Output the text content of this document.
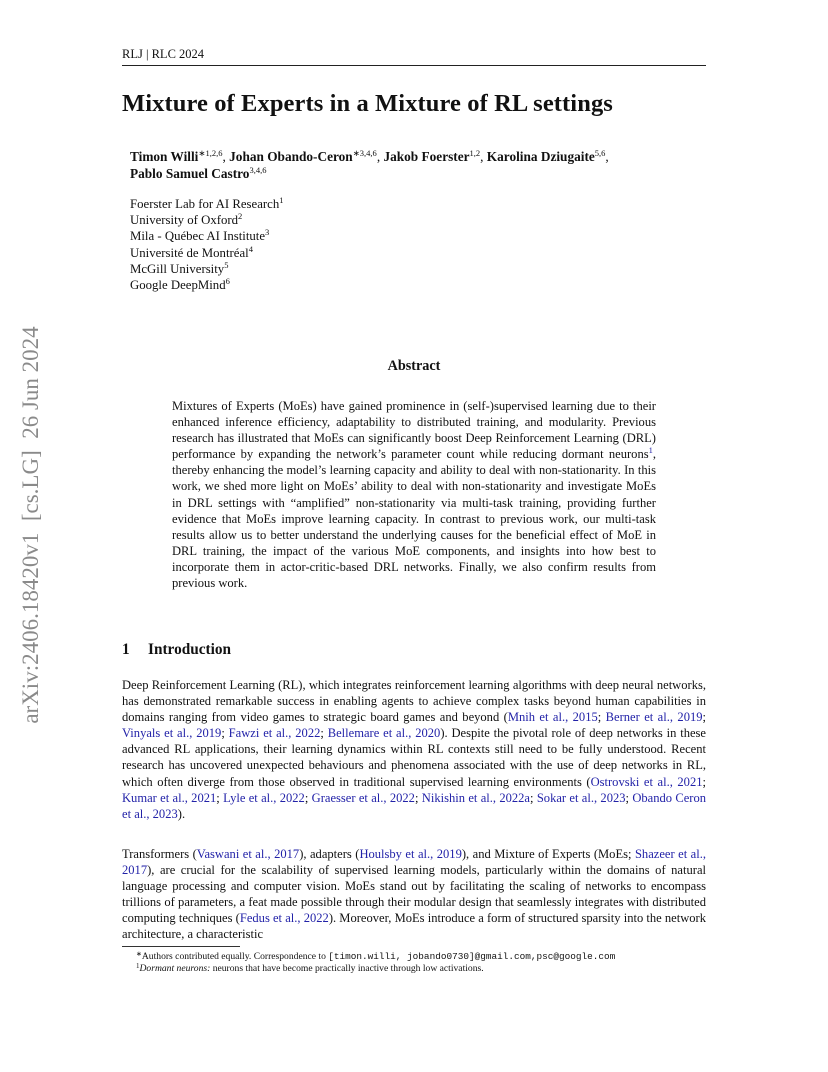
RLJ | RLC 2024
Mixture of Experts in a Mixture of RL settings
Timon Willi$^{∗1,2,6}$, Johan Obando-Ceron$^{∗3,4,6}$, Jakob Foerster$^{1,2}$, Karolina Dziugaite$^{5,6}$, Pablo Samuel Castro$^{3,4,6}$
Foerster Lab for AI Research$^1$
University of Oxford$^2$
Mila - Québec AI Institute$^3$
Université de Montréal$^4$
McGill University$^5$
Google DeepMind$^6$
arXiv:2406.18420v1  [cs.LG]  26 Jun 2024	Abstract

Mixtures of Experts (MoEs) have gained prominence in (self-)supervised learning due to their enhanced inference efficiency, adaptability to distributed training, and modularity. Previous research has illustrated that MoEs can significantly boost Deep Reinforcement Learning (DRL) performance by expanding the network’s parameter count while reducing dormant neurons$^1$, thereby enhancing the model’s learning capacity and ability to deal with non-stationarity. In this work, we shed more light on MoEs’ ability to deal with non-stationarity and investigate MoEs in DRL settings with “amplified” non-stationarity via multi-task training, providing further evidence that MoEs improve learning capacity. In contrast to previous work, our multi-task results allow us to better understand the underlying causes for the beneficial effect of MoE in DRL training, the impact of the various MoE components, and insights into how best to incorporate them in actor-critic-based DRL networks. Finally, we also confirm results from previous work.

1 Introduction

Deep Reinforcement Learning (RL), which integrates reinforcement learning algorithms with deep neural networks, has demonstrated remarkable success in enabling agents to achieve complex tasks beyond human capabilities in domains ranging from video games to strategic board games and beyond (Mnih et al., 2015; Berner et al., 2019; Vinyals et al., 2019; Fawzi et al., 2022; Bellemare et al., 2020). Despite the pivotal role of deep networks in these advanced RL applications, their learning dynamics within RL contexts still need to be fully understood. Recent research has uncovered unexpected behaviours and phenomena associated with the use of deep networks in RL, which often diverge from those observed in traditional supervised learning environments (Ostrovski et al., 2021; Kumar et al., 2021; Lyle et al., 2022; Graesser et al., 2022; Nikishin et al., 2022a; Sokar et al., 2023; Obando Ceron et al., 2023).

Transformers (Vaswani et al., 2017), adapters (Houlsby et al., 2019), and Mixture of Experts (MoEs; Shazeer et al., 2017), are crucial for the scalability of supervised learning models, particularly within the domains of natural language processing and computer vision. MoEs stand out by facilitating the scaling of networks to encompass trillions of parameters, a feat made possible through their modular design that seamlessly integrates with distributed computing techniques (Fedus et al., 2022). Moreover, MoEs introduce a form of structured sparsity into the network architecture, a characteristic

∗Authors contributed equally. Correspondence to [timon.willi, jobando0730]@gmail.com,psc@google.com
$^1$Dormant neurons: neurons that have become practically inactive through low activations.
